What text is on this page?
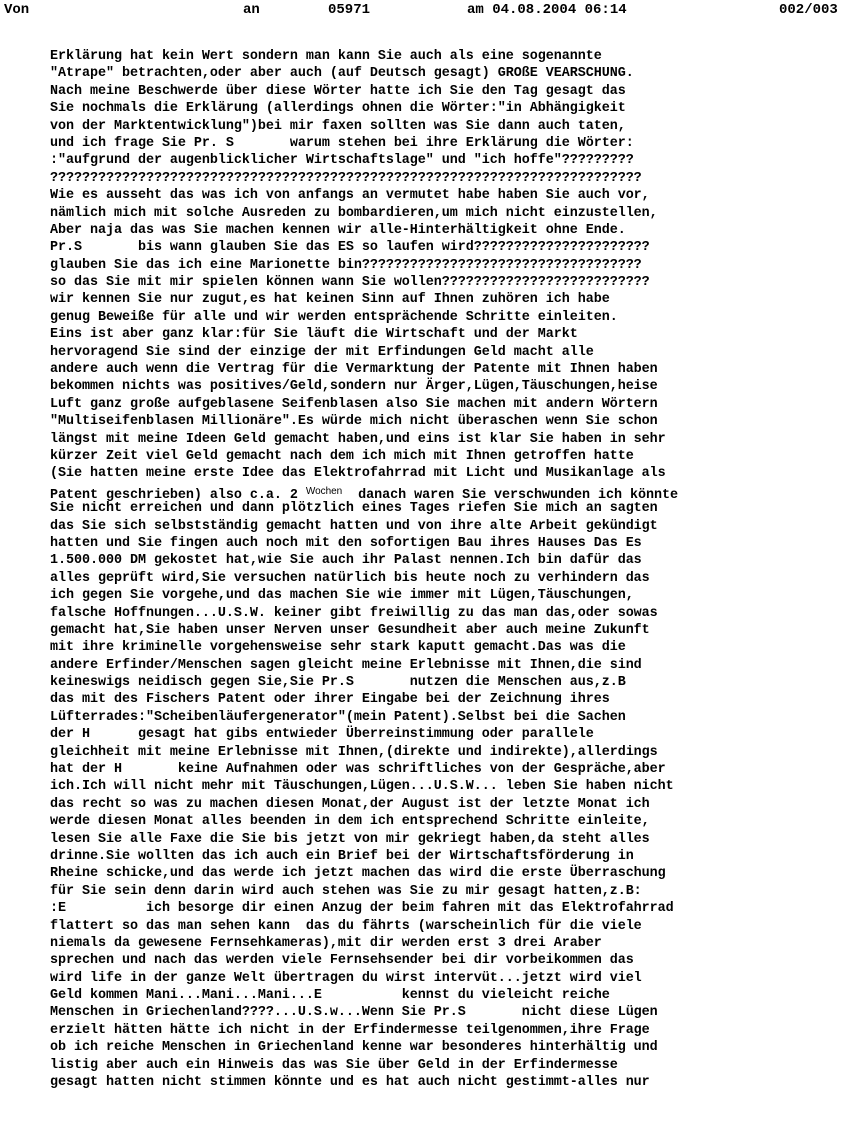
Von	an	05971	am 04.08.2004 06:14	002/003
Erklärung hat kein Wert sondern man kann Sie auch als eine sogenannte
"Atrape" betrachten,oder aber auch (auf Deutsch gesagt) GROßE VEARSCHUNG.
Nach meine Beschwerde über diese Wörter hatte ich Sie den Tag gesagt das
Sie nochmals die Erklärung (allerdings ohnen die Wörter:"in Abhängigkeit
von der Marktentwicklung")bei mir faxen sollten was Sie dann auch taten,
und ich frage Sie Pr. S       warum stehen bei ihre Erklärung die Wörter:
:"aufgrund der augenblicklicher Wirtschaftslage" und "ich hoffe"?????????
??????????????????????????????????????????????????????????????????????????
Wie es ausseht das was ich von anfangs an vermutet habe haben Sie auch vor,
nämlich mich mit solche Ausreden zu bombardieren,um mich nicht einzustellen,
Aber naja das was Sie machen kennen wir alle-Hinterhältigkeit ohne Ende.
Pr.S       bis wann glauben Sie das ES so laufen wird??????????????????????
glauben Sie das ich eine Marionette bin???????????????????????????????????
so das Sie mit mir spielen können wann Sie wollen??????????????????????????
wir kennen Sie nur zugut,es hat keinen Sinn auf Ihnen zuhören ich habe
genug Beweiße für alle und wir werden entsprächende Schritte einleiten.
Eins ist aber ganz klar:für Sie läuft die Wirtschaft und der Markt
hervoragend Sie sind der einzige der mit Erfindungen Geld macht alle
andere auch wenn die Vertrag für die Vermarktung der Patente mit Ihnen haben
bekommen nichts was positives/Geld,sondern nur Ärger,Lügen,Täuschungen,heise
Luft ganz große aufgeblasene Seifenblasen also Sie machen mit andern Wörtern
"Multiseifenblasen Millionäre".Es würde mich nicht überaschen wenn Sie schon
längst mit meine Ideen Geld gemacht haben,und eins ist klar Sie haben in sehr
kürzer Zeit viel Geld gemacht nach dem ich mich mit Ihnen getroffen hatte
(Sie hatten meine erste Idee das Elektrofahrrad mit Licht und Musikanlage als
Patent geschrieben) also c.a. 2 $^{Wochen}$  danach waren Sie verschwunden ich könnte
Sie nicht erreichen und dann plötzlich eines Tages riefen Sie mich an sagten
das Sie sich selbstständig gemacht hatten und von ihre alte Arbeit gekündigt
hatten und Sie fingen auch noch mit den sofortigen Bau ihres Hauses Das Es
1.500.000 DM gekostet hat,wie Sie auch ihr Palast nennen.Ich bin dafür das
alles geprüft wird,Sie versuchen natürlich bis heute noch zu verhindern das
ich gegen Sie vorgehe,und das machen Sie wie immer mit Lügen,Täuschungen,
falsche Hoffnungen...U.S.W. keiner gibt freiwillig zu das man das,oder sowas
gemacht hat,Sie haben unser Nerven unser Gesundheit aber auch meine Zukunft
mit ihre kriminelle vorgehensweise sehr stark kaputt gemacht.Das was die
andere Erfinder/Menschen sagen gleicht meine Erlebnisse mit Ihnen,die sind
keineswigs neidisch gegen Sie,Sie Pr.S       nutzen die Menschen aus,z.B
das mit des Fischers Patent oder ihrer Eingabe bei der Zeichnung ihres
Lüfterrades:"Scheibenläufergenerator"(mein Patent).Selbst bei die Sachen
der H      gesagt hat gibs entwieder Überreinstimmung oder parallele
gleichheit mit meine Erlebnisse mit Ihnen,(direkte und indirekte),allerdings
hat der H       keine Aufnahmen oder was schriftliches von der Gespräche,aber
ich.Ich will nicht mehr mit Täuschungen,Lügen...U.S.W... leben Sie haben nicht
das recht so was zu machen diesen Monat,der August ist der letzte Monat ich
werde diesen Monat alles beenden in dem ich entsprechend Schritte einleite,
lesen Sie alle Faxe die Sie bis jetzt von mir gekriegt haben,da steht alles
drinne.Sie wollten das ich auch ein Brief bei der Wirtschaftsförderung in
Rheine schicke,und das werde ich jetzt machen das wird die erste Überraschung
für Sie sein denn darin wird auch stehen was Sie zu mir gesagt hatten,z.B:
:E          ich besorge dir einen Anzug der beim fahren mit das Elektrofahrrad
flattert so das man sehen kann  das du fährts (warscheinlich für die viele
niemals da gewesene Fernsehkameras),mit dir werden erst 3 drei Araber
sprechen und nach das werden viele Fernsehsender bei dir vorbeikommen das
wird life in der ganze Welt übertragen du wirst intervüt...jetzt wird viel
Geld kommen Mani...Mani...Mani...E          kennst du vieleicht reiche
Menschen in Griechenland????...U.S.w...Wenn Sie Pr.S       nicht diese Lügen
erzielt hätten hätte ich nicht in der Erfindermesse teilgenommen,ihre Frage
ob ich reiche Menschen in Griechenland kenne war besonderes hinterhältig und
listig aber auch ein Hinweis das was Sie über Geld in der Erfindermesse
gesagt hatten nicht stimmen könnte und es hat auch nicht gestimmt-alles nur
